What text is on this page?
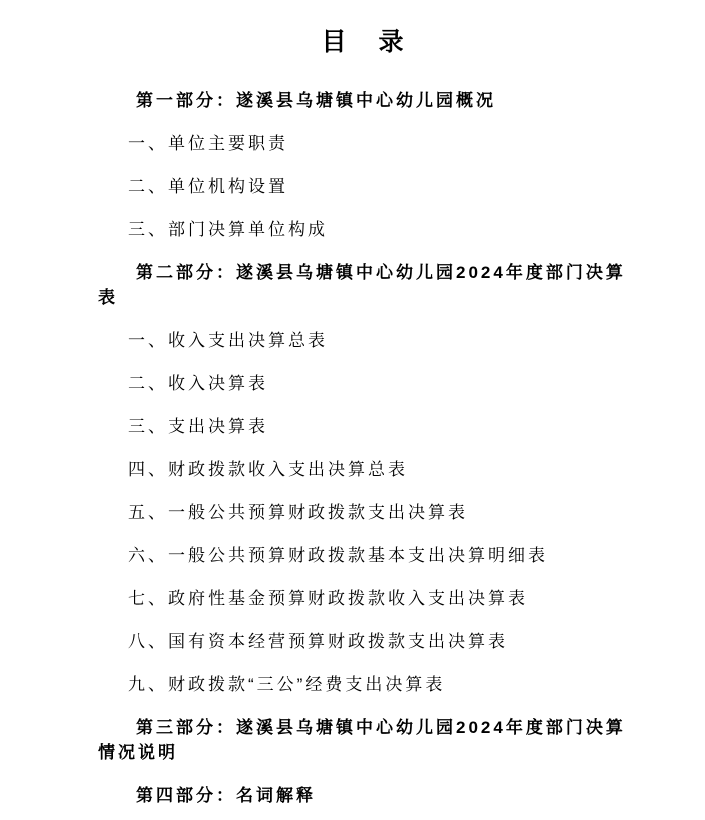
目  录

第一部分：遂溪县乌塘镇中心幼儿园概况

一、单位主要职责

二、单位机构设置

三、部门决算单位构成

第二部分：遂溪县乌塘镇中心幼儿园2024年度部门决算表

一、收入支出决算总表

二、收入决算表

三、支出决算表

四、财政拨款收入支出决算总表

五、一般公共预算财政拨款支出决算表

六、一般公共预算财政拨款基本支出决算明细表

七、政府性基金预算财政拨款收入支出决算表

八、国有资本经营预算财政拨款支出决算表

九、财政拨款“三公”经费支出决算表

第三部分：遂溪县乌塘镇中心幼儿园2024年度部门决算情况说明

第四部分：名词解释
